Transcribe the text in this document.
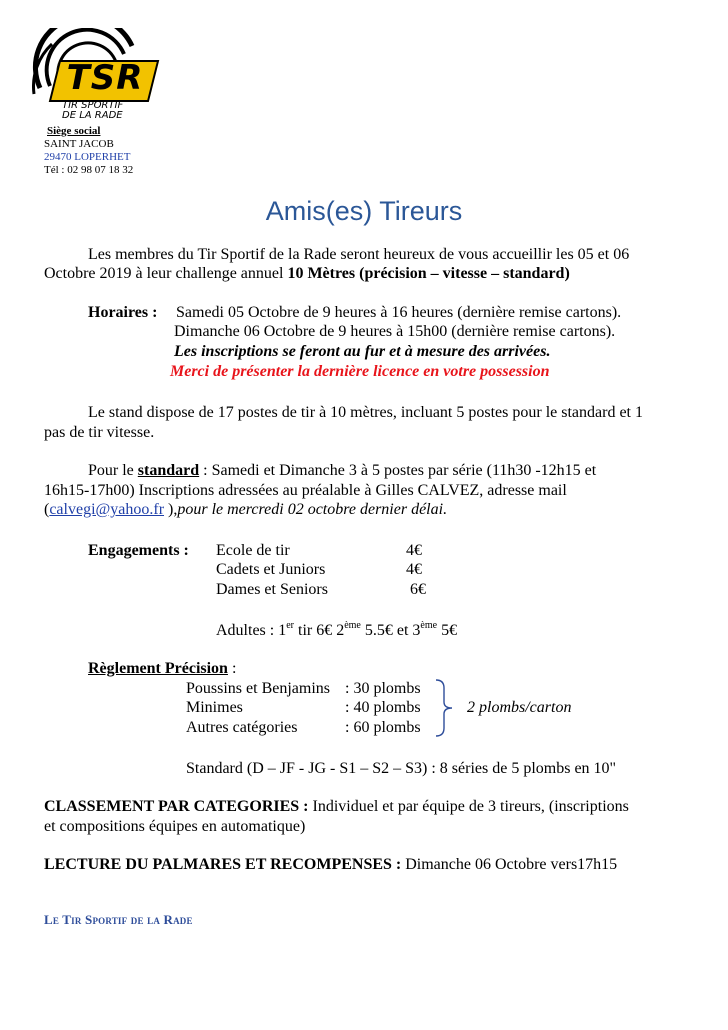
TSR
TIR SPORTIF
DE LA RADE
Siège social
SAINT JACOB
29470 LOPERHET
Tél : 02 98 07 18 32
Amis(es) Tireurs
Les membres du Tir Sportif de la Rade seront heureux de vous accueillir les 05 et 06
Octobre 2019 à leur challenge annuel 10 Mètres (précision – vitesse – standard)
Horaires : Samedi 05 Octobre de 9 heures à 16 heures (dernière remise cartons).
Dimanche 06 Octobre de 9 heures à 15h00 (dernière remise cartons).
Les inscriptions se feront au fur et à mesure des arrivées.
Merci de présenter la dernière licence en votre possession
Le stand dispose de 17 postes de tir à 10 mètres, incluant 5 postes pour le standard et 1
pas de tir vitesse.
Pour le standard : Samedi et Dimanche 3 à 5 postes par série (11h30 -12h15 et
16h15-17h00) Inscriptions adressées au préalable à Gilles CALVEZ, adresse mail
(calvegi@yahoo.fr ),pour le mercredi 02 octobre dernier délai.
Engagements : Ecole de tir	4€
Cadets et Juniors	4€
Dames et Seniors	6€
Adultes : 1er tir 6€ 2ème 5.5€ et 3ème 5€
Règlement Précision :
Poussins et Benjamins : 30 plombs
Minimes	: 40 plombs
Autres catégories	: 60 plombs
2 plombs/carton
Standard (D – JF - JG - S1 – S2 – S3) : 8 séries de 5 plombs en 10"
CLASSEMENT PAR CATEGORIES : Individuel et par équipe de 3 tireurs, (inscriptions
et compositions équipes en automatique)
LECTURE DU PALMARES ET RECOMPENSES : Dimanche 06 Octobre vers17h15
Le Tir Sportif de la Rade
